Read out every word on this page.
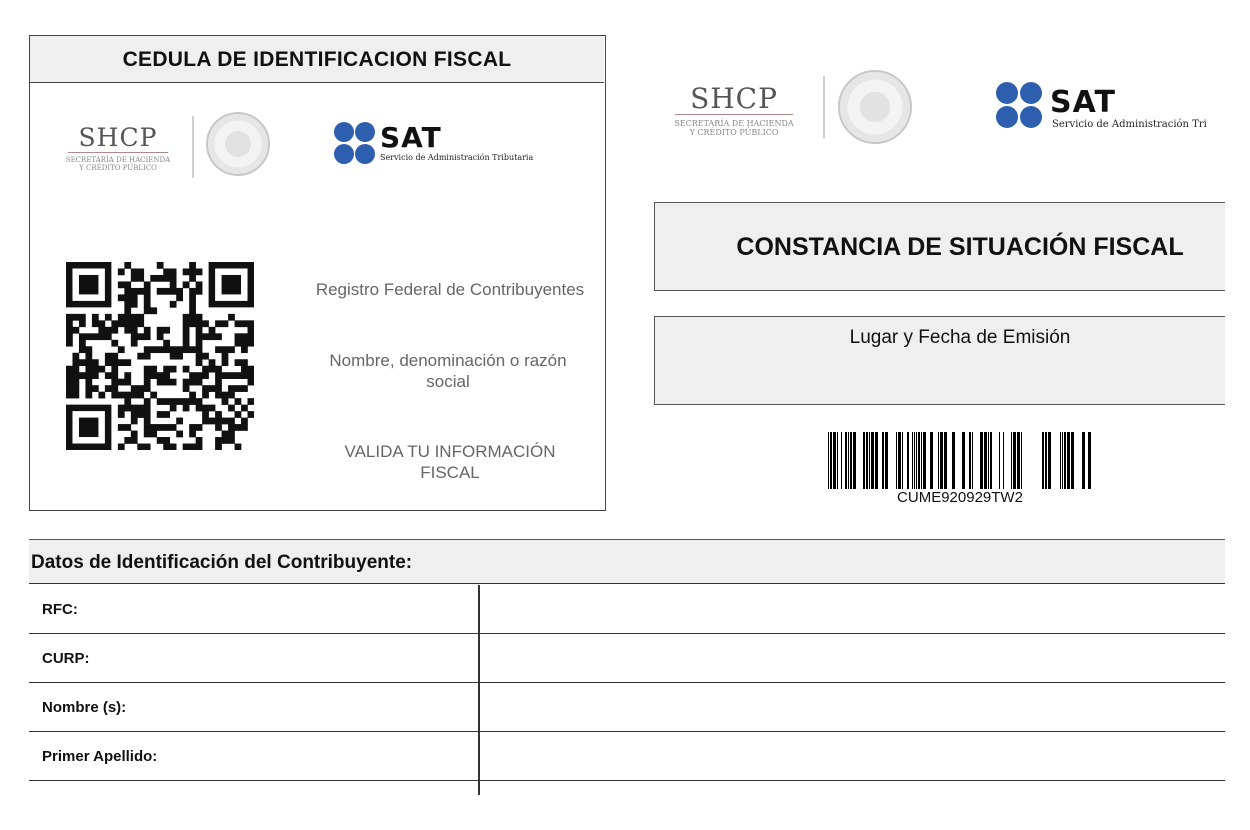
CEDULA DE IDENTIFICACION FISCAL
SHCP
SECRETARÍA DE HACIENDA
Y CRÉDITO PÚBLICO
SAT
Servicio de Administración Tributaria
Registro Federal de Contribuyentes
Nombre, denominación o razón social
VALIDA TU INFORMACIÓN FISCAL
SHCP
SECRETARÍA DE HACIENDA
Y CRÉDITO PÚBLICO
SAT
Servicio de Administración Tri
CONSTANCIA DE SITUACIÓN FISCAL
Lugar y Fecha de Emisión
CUME920929TW2
Datos de Identificación del Contribuyente:
RFC:
CURP:
Nombre (s):
Primer Apellido:
